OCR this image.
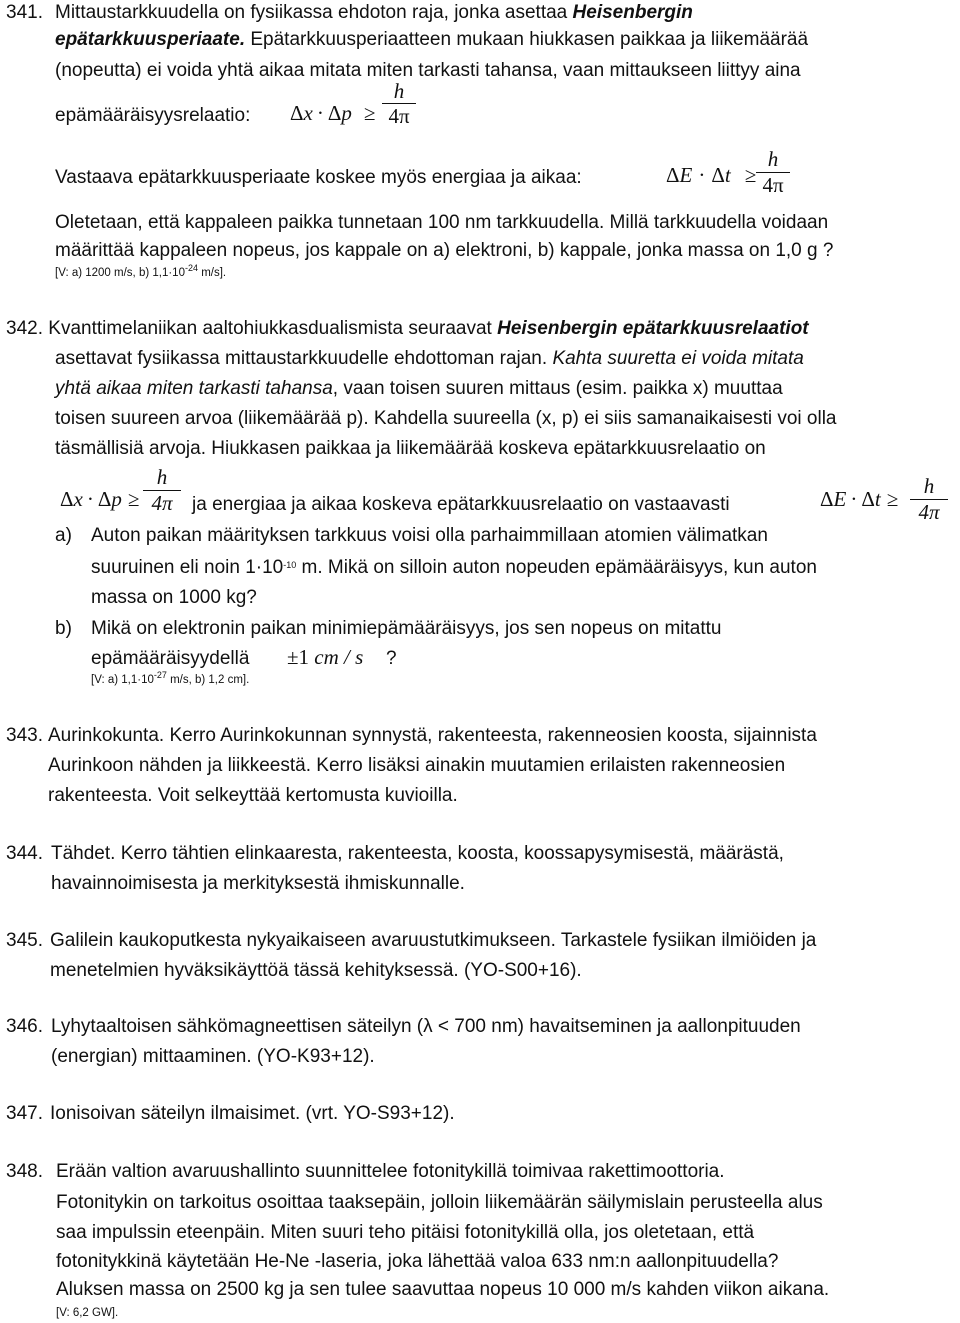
341. Mittaustarkkuudella on fysiikassa ehdoton raja, jonka asettaa Heisenbergin
epätarkkuusperiaate. Epätarkkuusperiaatteen mukaan hiukkasen paikkaa ja liikemäärää
(nopeutta) ei voida yhtä aikaa mitata miten tarkasti tahansa, vaan mittaukseen liittyy aina
epämääräisyysrelaatio: Δx · Δp ≥
h
4π
Vastaava epätarkkuusperiaate koskee myös energiaa ja aikaa:	ΔE · Δt ≥
h
4π
Oletetaan, että kappaleen paikka tunnetaan 100 nm tarkkuudella. Millä tarkkuudella voidaan
määrittää kappaleen nopeus, jos kappale on a) elektroni, b) kappale, jonka massa on 1,0 g ?
[V: a) 1200 m/s, b) $1,1\cdot 10^{-24}$ m/s].
342. Kvanttimelaniikan aaltohiukkasdualismista seuraavat Heisenbergin epätarkkuusrelaatiot
asettavat fysiikassa mittaustarkkuudelle ehdottoman rajan. Kahta suuretta ei voida mitata
yhtä aikaa miten tarkasti tahansa, vaan toisen suuren mittaus (esim. paikka x) muuttaa
toisen suureen arvoa (liikemäärää p). Kahdella suureella (x, p) ei siis samanaikaisesti voi olla
täsmällisiä arvoja. Hiukkasen paikkaa ja liikemäärää koskeva epätarkkuusrelaatio on
Δx · Δp ≥
h
4π	ja energiaa ja aikaa koskeva epätarkkuusrelaatio on vastaavasti	ΔE · Δt ≥
h
4π
a) Auton paikan määrityksen tarkkuus voisi olla parhaimmillaan atomien välimatkan
suuruinen eli noin $1\cdot 10^{-10}$ m. Mikä on silloin auton nopeuden epämääräisyys, kun auton
massa on 1000 kg?
b) Mikä on elektronin paikan minimiepämääräisyys, jos sen nopeus on mitattu
epämääräisyydellä ±1 cm / s ?
[V: a) $1,1\cdot 10^{-27}$ m/s, b) 1,2 cm].
343. Aurinkokunta. Kerro Aurinkokunnan synnystä, rakenteesta, rakenneosien koosta, sijainnista
Aurinkoon nähden ja liikkeestä. Kerro lisäksi ainakin muutamien erilaisten rakenneosien
rakenteesta. Voit selkeyttää kertomusta kuvioilla.
344. Tähdet. Kerro tähtien elinkaaresta, rakenteesta, koosta, koossapysymisestä, määrästä,
havainnoimisesta ja merkityksestä ihmiskunnalle.
345. Galilein kaukoputkesta nykyaikaiseen avaruustutkimukseen. Tarkastele fysiikan ilmiöiden ja
menetelmien hyväksikäyttöä tässä kehityksessä. (YO-S00+16).
346. Lyhytaaltoisen sähkömagneettisen säteilyn (λ < 700 nm) havaitseminen ja aallonpituuden
(energian) mittaaminen. (YO-K93+12).
347. Ionisoivan säteilyn ilmaisimet. (vrt. YO-S93+12).
348. Erään valtion avaruushallinto suunnittelee fotonitykillä toimivaa rakettimoottoria.
Fotonitykin on tarkoitus osoittaa taaksepäin, jolloin liikemäärän säilymislain perusteella alus
saa impulssin eteenpäin. Miten suuri teho pitäisi fotonitykillä olla, jos oletetaan, että
fotonitykkinä käytetään He-Ne -laseria, joka lähettää valoa 633 nm:n aallonpituudella?
Aluksen massa on 2500 kg ja sen tulee saavuttaa nopeus 10 000 m/s kahden viikon aikana.
[V: 6,2 GW].
